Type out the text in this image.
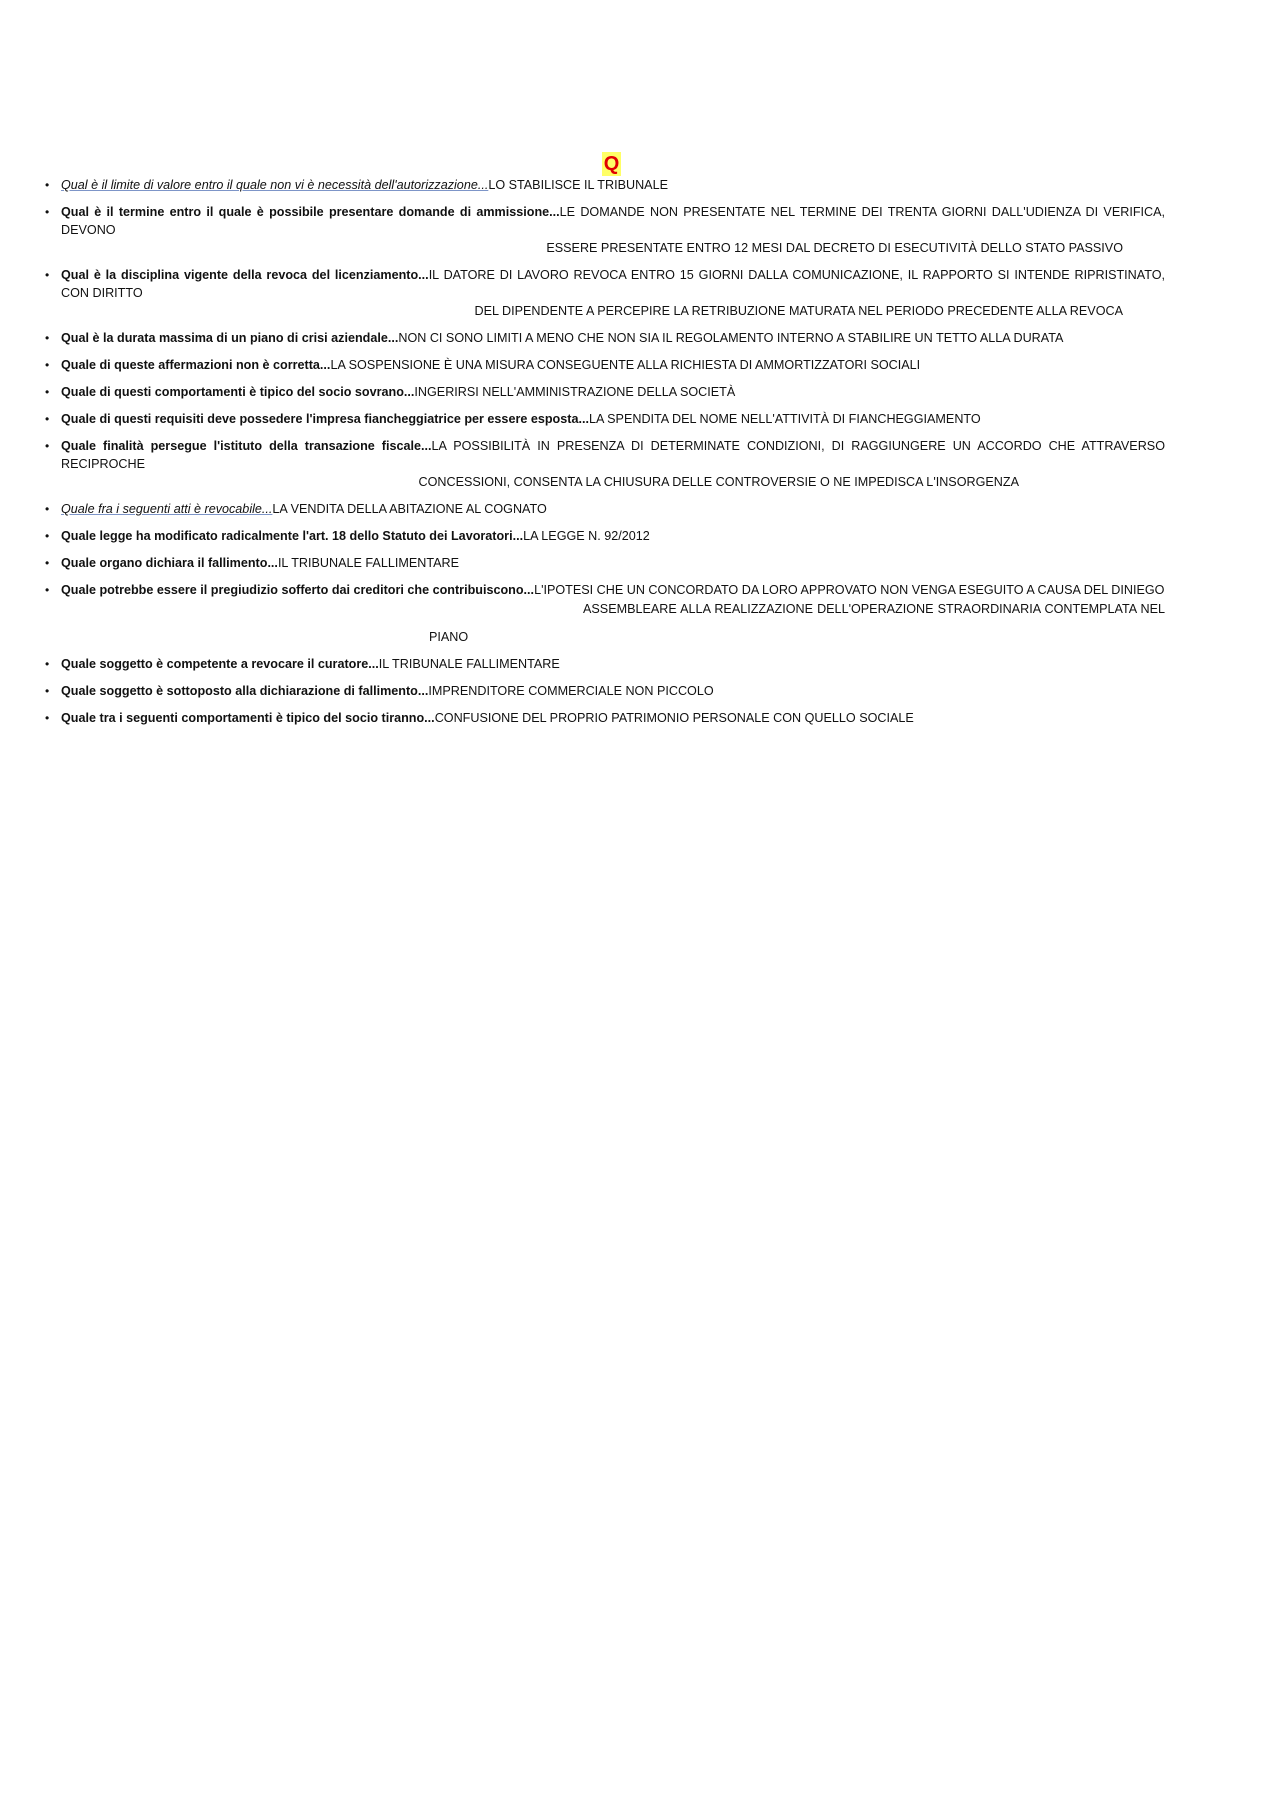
Q
• Qual è il limite di valore entro il quale non vi è necessità dell'autorizzazione...LO STABILISCE IL TRIBUNALE
• Qual è il termine entro il quale è possibile presentare domande di ammissione...LE DOMANDE NON PRESENTATE NEL TERMINE DEI TRENTA GIORNI DALL'UDIENZA DI VERIFICA, DEVONO
ESSERE PRESENTATE ENTRO 12 MESI DAL DECRETO DI ESECUTIVITÀ DELLO STATO PASSIVO
• Qual è la disciplina vigente della revoca del licenziamento...IL DATORE DI LAVORO REVOCA ENTRO 15 GIORNI DALLA COMUNICAZIONE, IL RAPPORTO SI INTENDE RIPRISTINATO, CON DIRITTO
DEL DIPENDENTE A PERCEPIRE LA RETRIBUZIONE MATURATA NEL PERIODO PRECEDENTE ALLA REVOCA
• Qual è la durata massima di un piano di crisi aziendale...NON CI SONO LIMITI A MENO CHE NON SIA IL REGOLAMENTO INTERNO A STABILIRE UN TETTO ALLA DURATA
• Quale di queste affermazioni non è corretta...LA SOSPENSIONE È UNA MISURA CONSEGUENTE ALLA RICHIESTA DI AMMORTIZZATORI SOCIALI
• Quale di questi comportamenti è tipico del socio sovrano...INGERIRSI NELL'AMMINISTRAZIONE DELLA SOCIETÀ
• Quale di questi requisiti deve possedere l'impresa fiancheggiatrice per essere esposta...LA SPENDITA DEL NOME NELL'ATTIVITÀ DI FIANCHEGGIAMENTO
• Quale finalità persegue l'istituto della transazione fiscale...LA POSSIBILITÀ IN PRESENZA DI DETERMINATE CONDIZIONI, DI RAGGIUNGERE UN ACCORDO CHE ATTRAVERSO RECIPROCHE
CONCESSIONI, CONSENTA LA CHIUSURA DELLE CONTROVERSIE O NE IMPEDISCA L'INSORGENZA
• Quale fra i seguenti atti è revocabile...LA VENDITA DELLA ABITAZIONE AL COGNATO
• Quale legge ha modificato radicalmente l'art. 18 dello Statuto dei Lavoratori...LA LEGGE N. 92/2012
• Quale organo dichiara il fallimento...IL TRIBUNALE FALLIMENTARE
• Quale potrebbe essere il pregiudizio sofferto dai creditori che contribuiscono...L'IPOTESI CHE UN CONCORDATO DA LORO APPROVATO NON VENGA ESEGUITO A CAUSA DEL DINIEGO
ASSEMBLEARE ALLA REALIZZAZIONE DELL'OPERAZIONE STRAORDINARIA CONTEMPLATA NEL
PIANO
• Quale soggetto è competente a revocare il curatore...IL TRIBUNALE FALLIMENTARE
• Quale soggetto è sottoposto alla dichiarazione di fallimento...IMPRENDITORE COMMERCIALE NON PICCOLO
• Quale tra i seguenti comportamenti è tipico del socio tiranno...CONFUSIONE DEL PROPRIO PATRIMONIO PERSONALE CON QUELLO SOCIALE
